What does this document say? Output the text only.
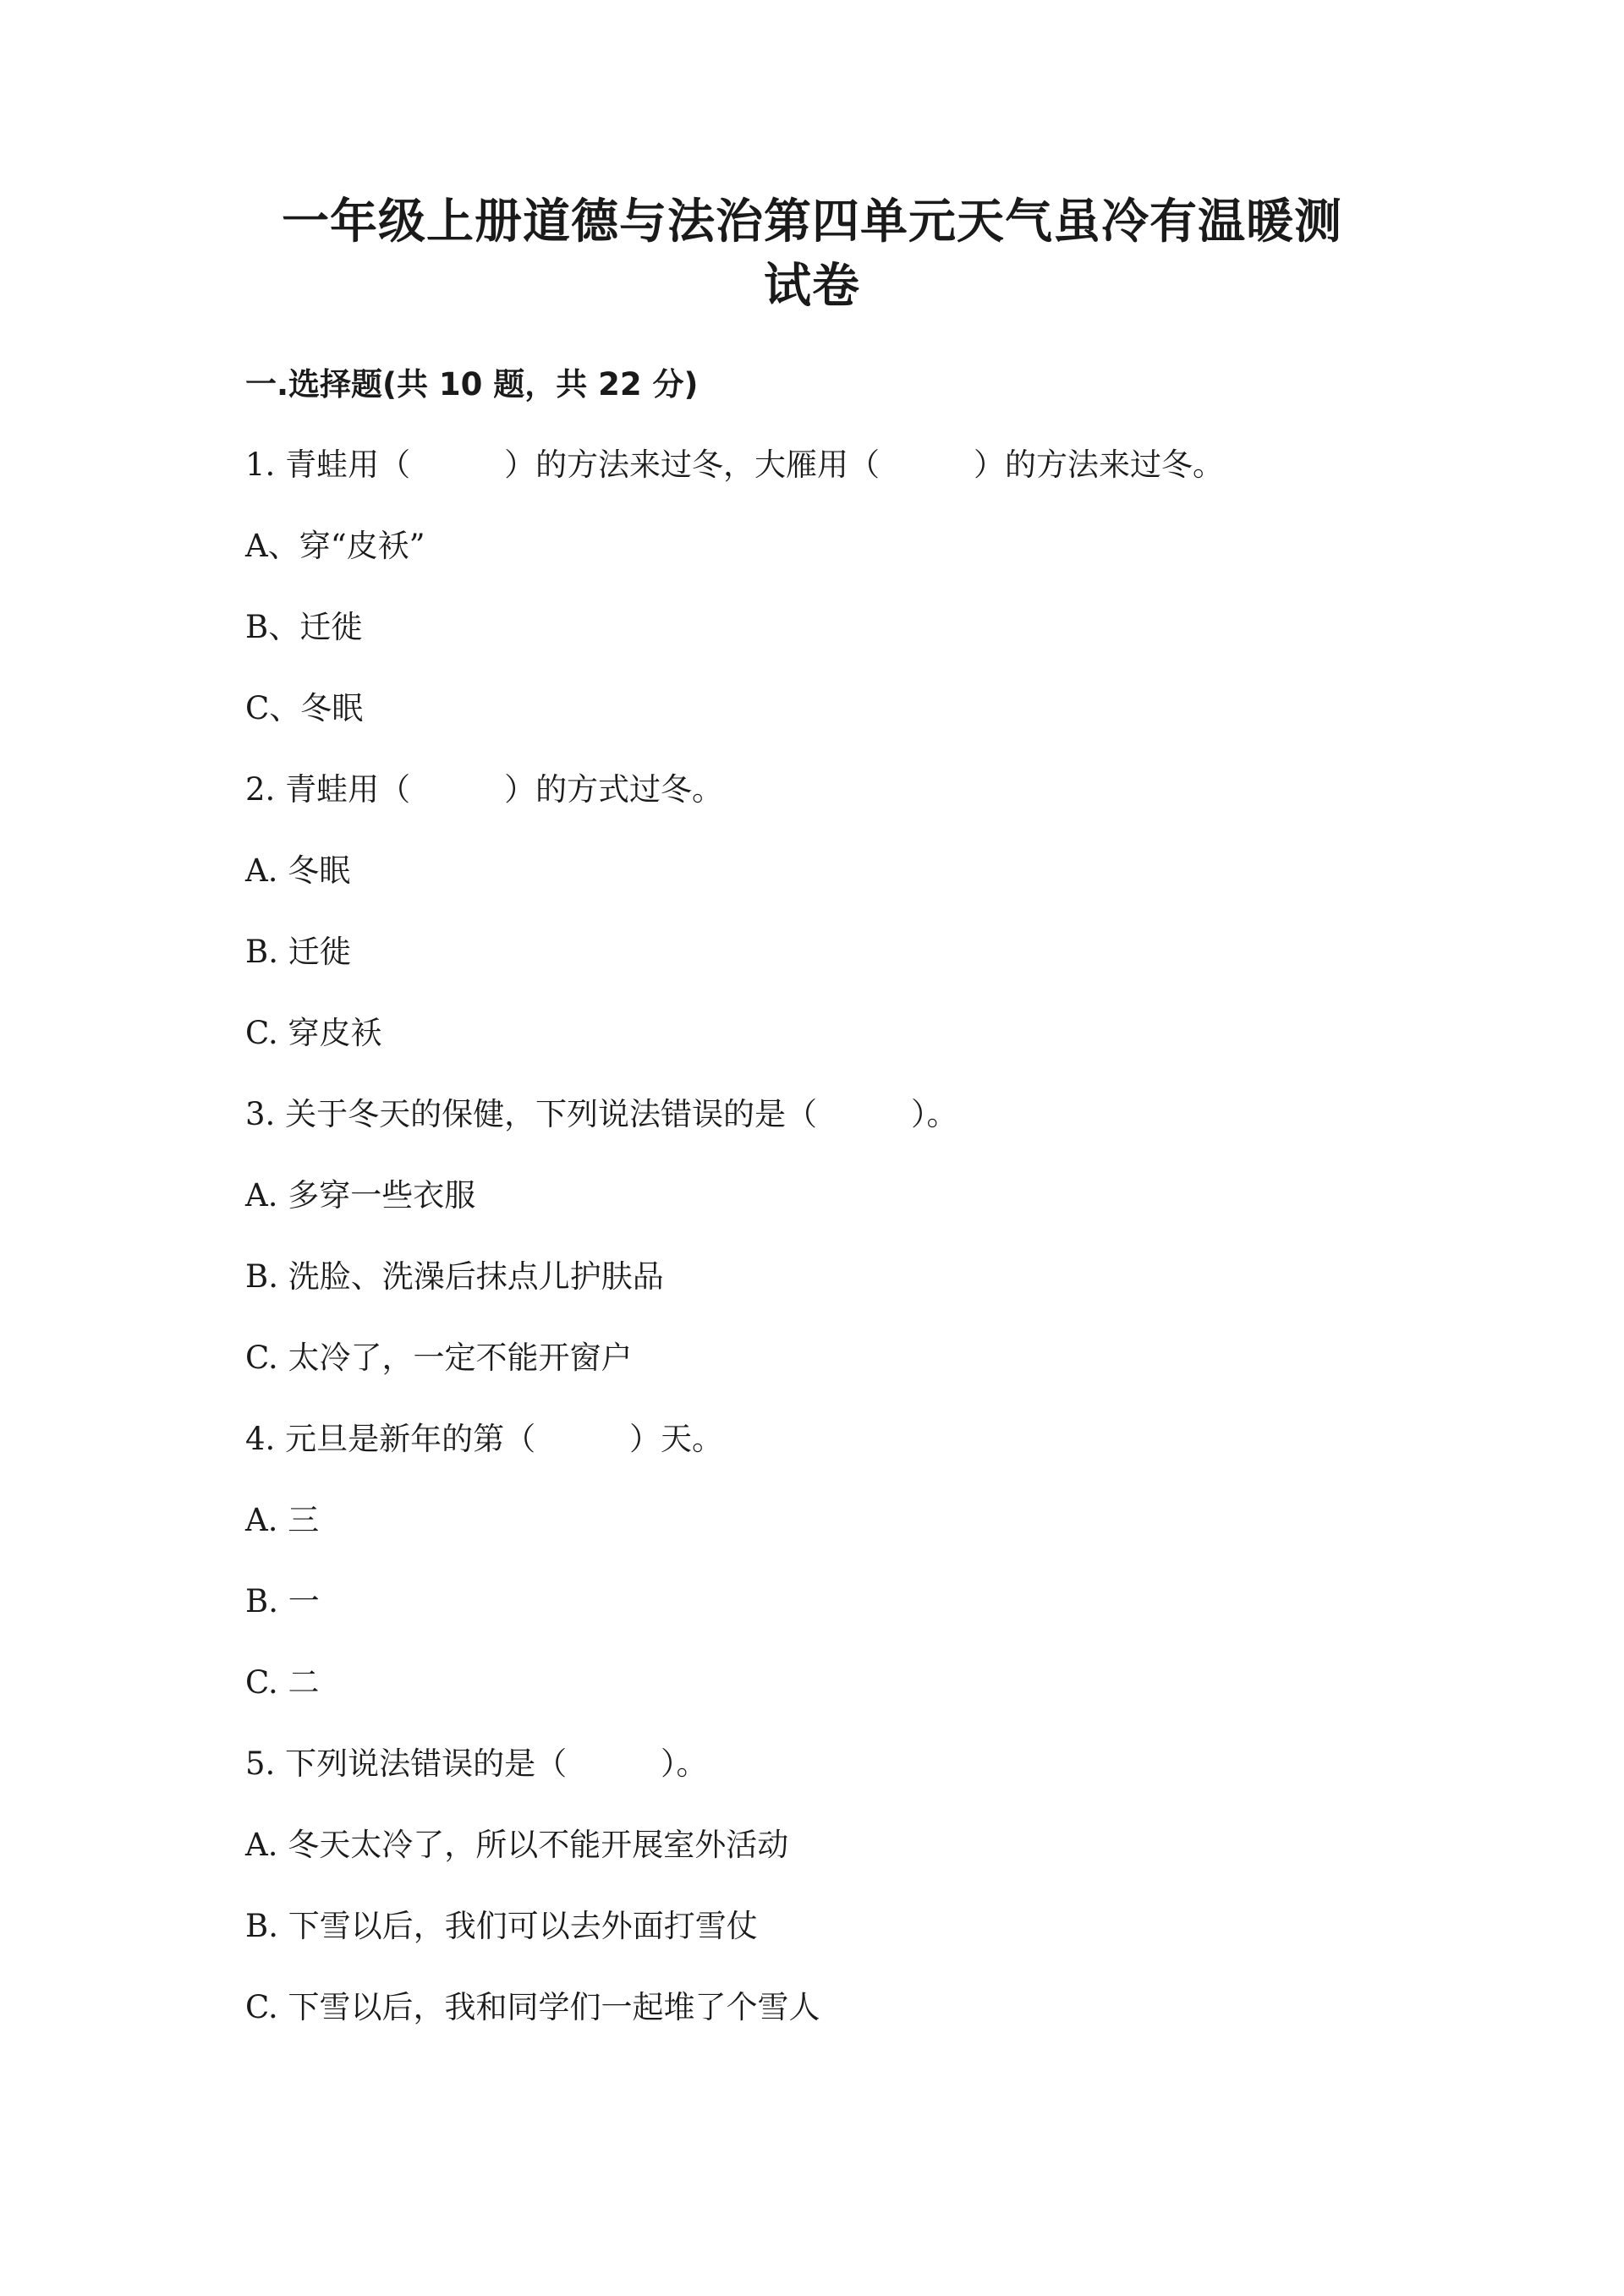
一年级上册道德与法治第四单元天气虽冷有温暖测
试卷
一.选择题(共 10 题，共 22 分)
1. 青蛙用（　　　）的方法来过冬，大雁用（　　　）的方法来过冬。
A、穿“皮袄”
B、迁徙
C、冬眠
2. 青蛙用（　　　）的方式过冬。
A. 冬眠
B. 迁徙
C. 穿皮袄
3. 关于冬天的保健，下列说法错误的是（　　　）。
A. 多穿一些衣服
B. 洗脸、洗澡后抹点儿护肤品
C. 太冷了，一定不能开窗户
4. 元旦是新年的第（　　　）天。
A. 三
B. 一
C. 二
5. 下列说法错误的是（　　　）。
A. 冬天太冷了，所以不能开展室外活动
B. 下雪以后，我们可以去外面打雪仗
C. 下雪以后，我和同学们一起堆了个雪人
